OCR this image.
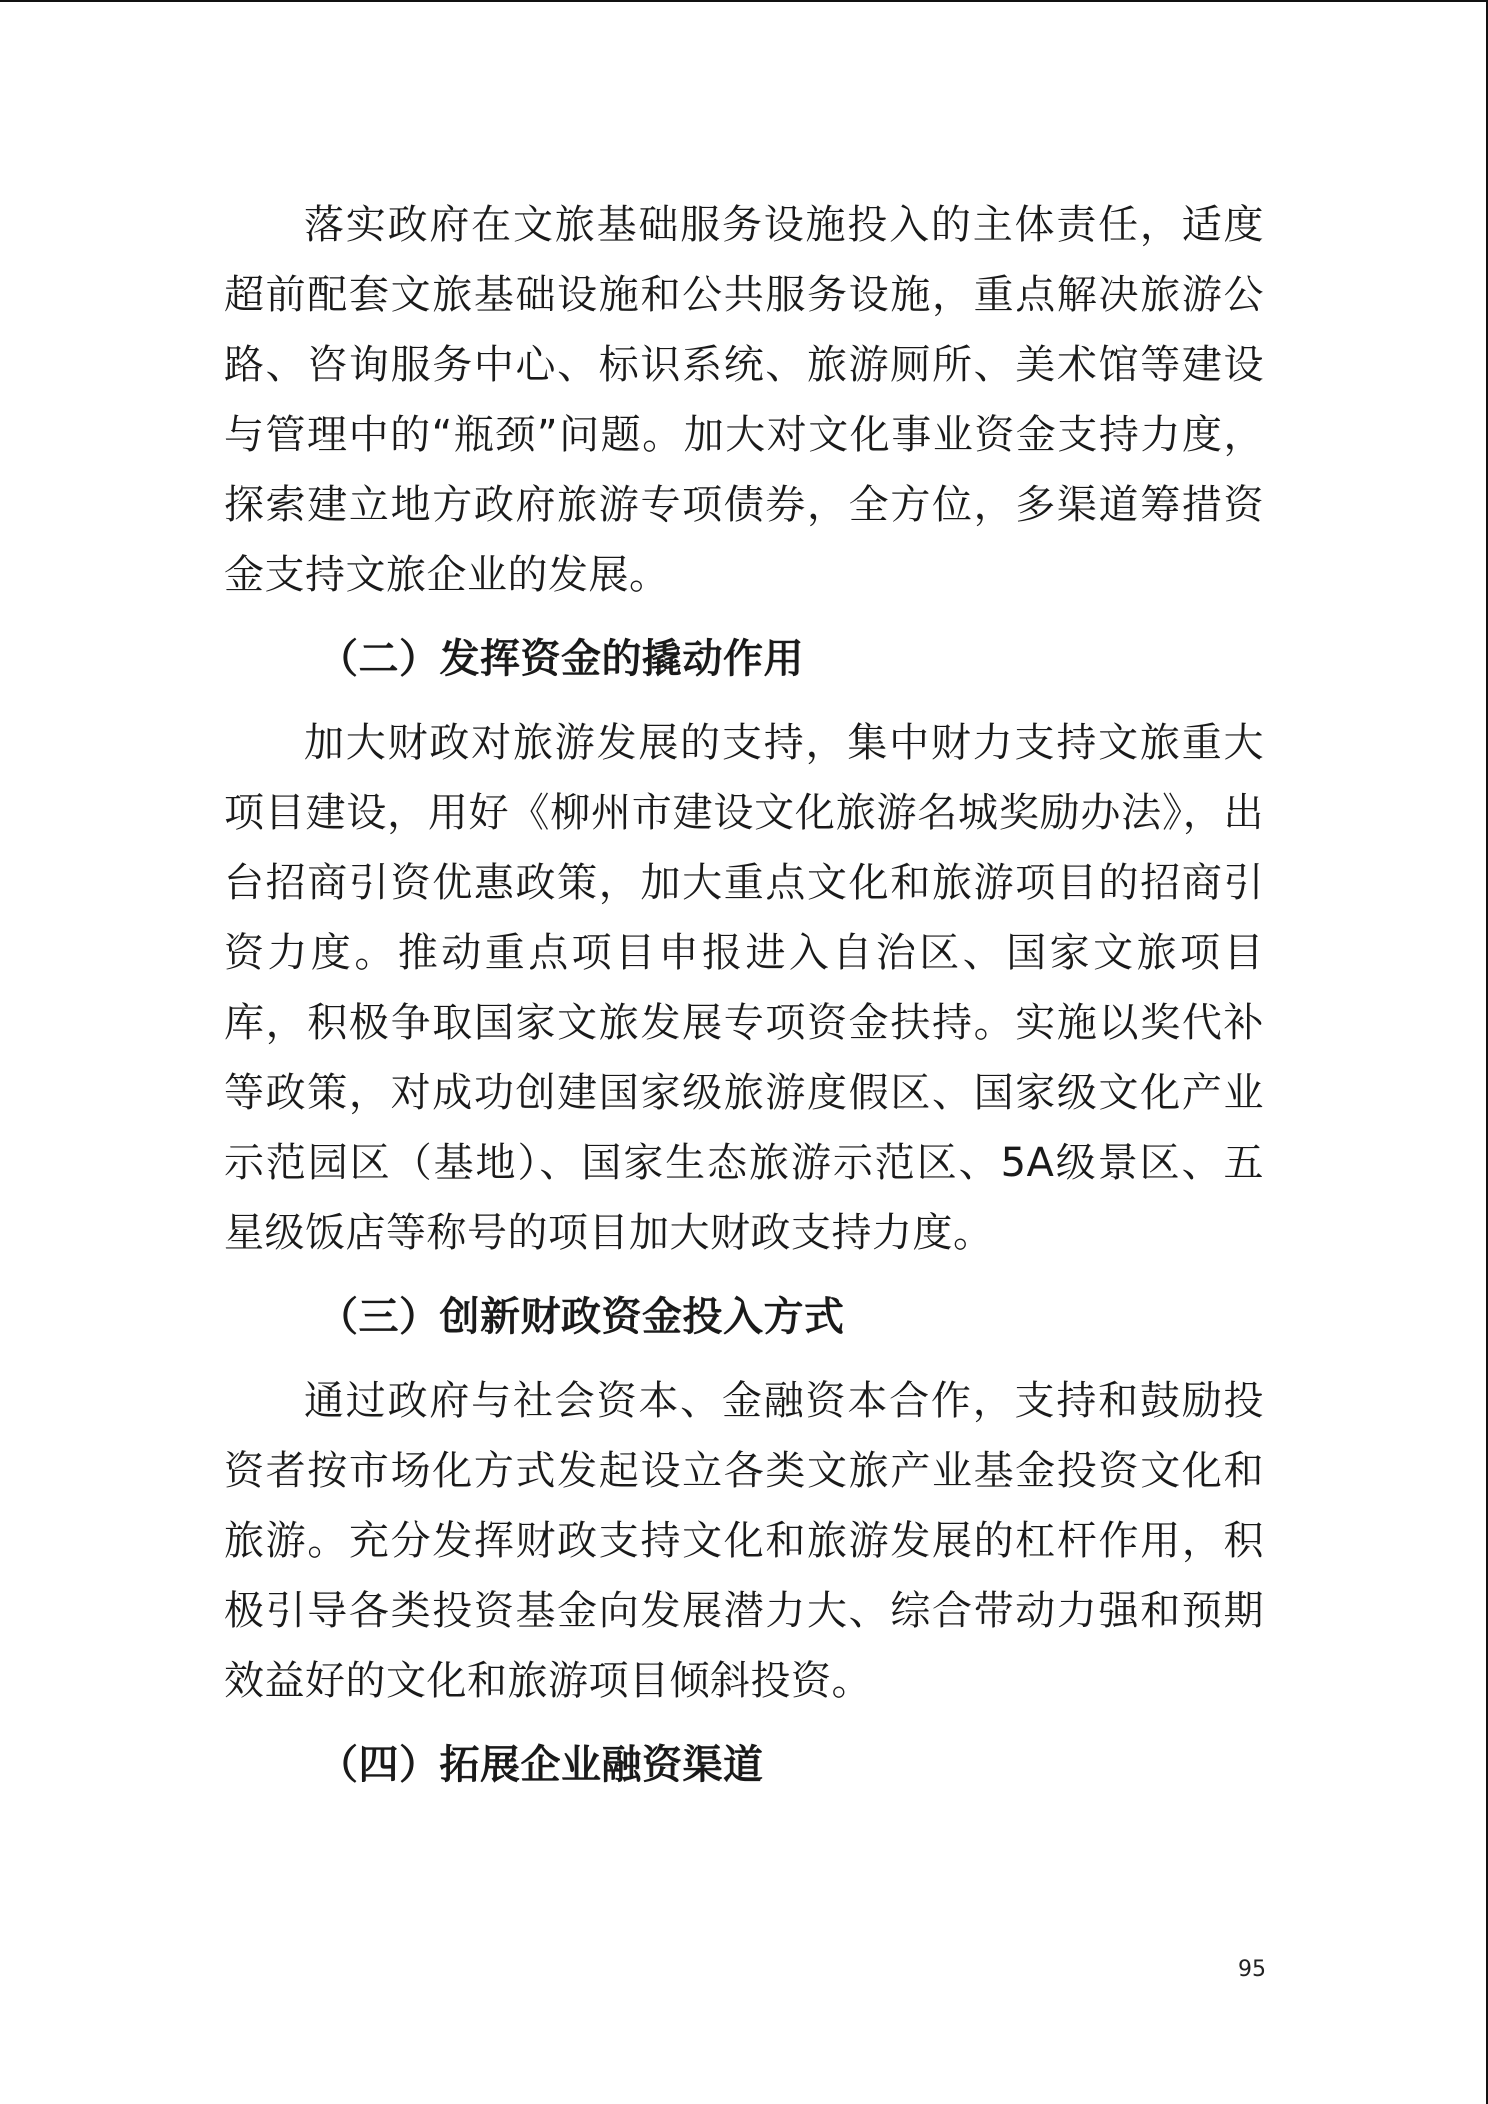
落实政府在文旅基础服务设施投入的主体责任，适度超前配套文旅基础设施和公共服务设施，重点解决旅游公路、咨询服务中心、标识系统、旅游厕所、美术馆等建设与管理中的“瓶颈”问题。加大对文化事业资金支持力度，探索建立地方政府旅游专项债券，全方位，多渠道筹措资金支持文旅企业的发展。

（二）发挥资金的撬动作用

加大财政对旅游发展的支持，集中财力支持文旅重大项目建设，用好《柳州市建设文化旅游名城奖励办法》，出台招商引资优惠政策，加大重点文化和旅游项目的招商引资力度。推动重点项目申报进入自治区、国家文旅项目库，积极争取国家文旅发展专项资金扶持。实施以奖代补等政策，对成功创建国家级旅游度假区、国家级文化产业示范园区（基地）、国家生态旅游示范区、5A级景区、五星级饭店等称号的项目加大财政支持力度。

（三）创新财政资金投入方式

通过政府与社会资本、金融资本合作，支持和鼓励投资者按市场化方式发起设立各类文旅产业基金投资文化和旅游。充分发挥财政支持文化和旅游发展的杠杆作用，积极引导各类投资基金向发展潜力大、综合带动力强和预期效益好的文化和旅游项目倾斜投资。

（四）拓展企业融资渠道
95
